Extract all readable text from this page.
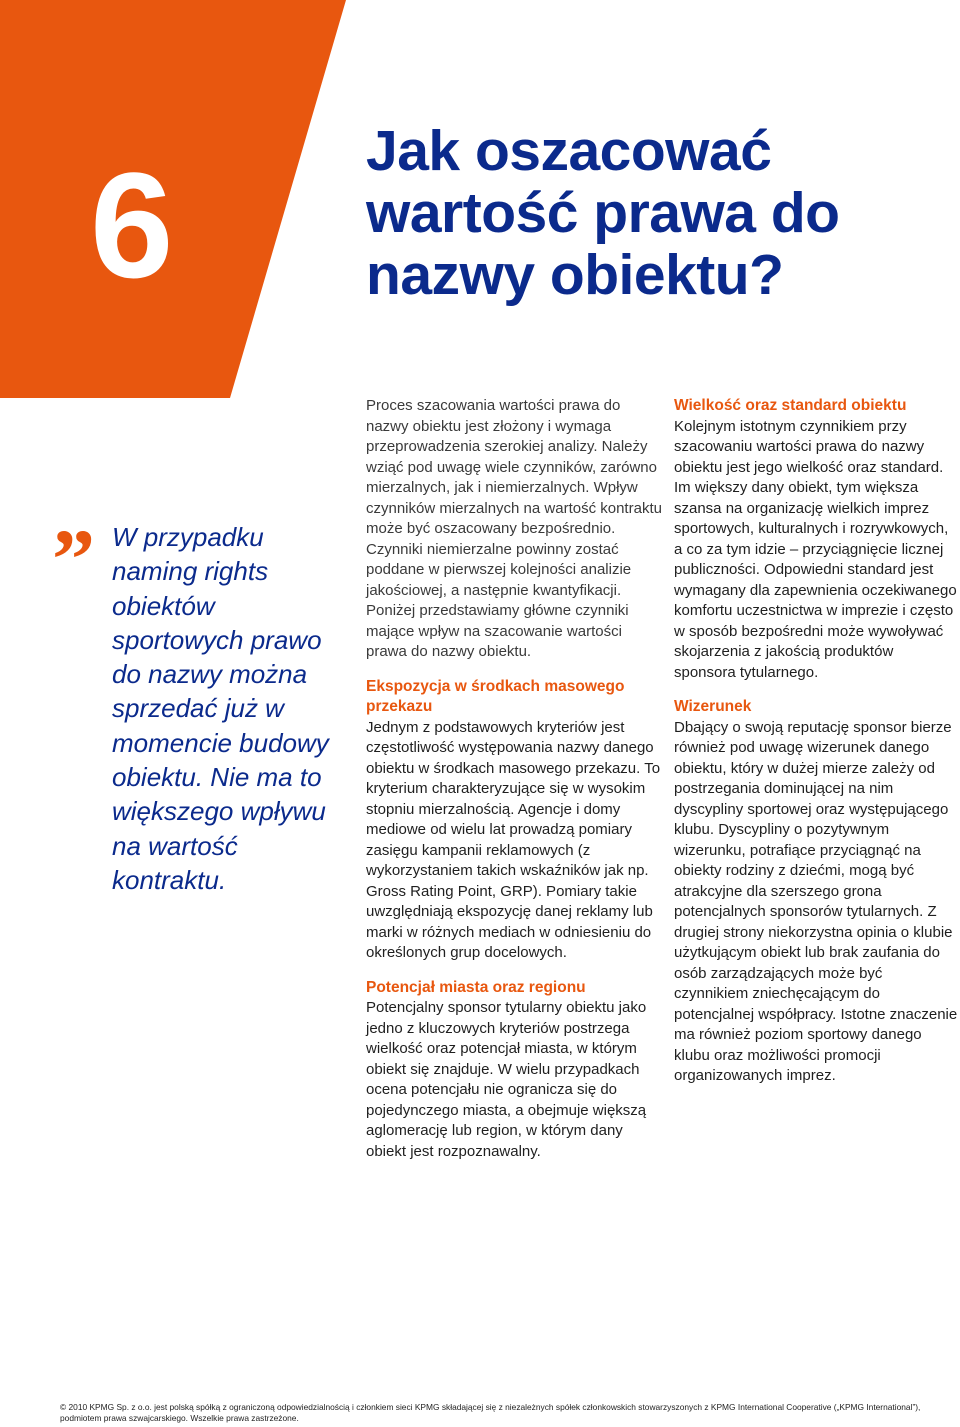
6	Jak oszacować wartość prawa do nazwy obiektu?
” W przypadku naming rights obiektów sportowych prawo do nazwy można sprzedać już w momencie budowy obiektu. Nie ma to większego wpływu na wartość kontraktu.

Proces szacowania wartości prawa do nazwy obiektu jest złożony i wymaga przeprowadzenia szerokiej analizy. Należy wziąć pod uwagę wiele czynników, zarówno mierzalnych, jak i niemierzalnych. Wpływ czynników mierzalnych na wartość kontraktu może być oszacowany bezpośrednio. Czynniki niemierzalne powinny zostać poddane w pierwszej kolejności analizie jakościowej, a następnie kwantyfikacji. Poniżej przedstawiamy główne czynniki mające wpływ na szacowanie wartości prawa do nazwy obiektu.

Ekspozycja w środkach masowego przekazu

Jednym z podstawowych kryteriów jest częstotliwość występowania nazwy danego obiektu w środkach masowego przekazu. To kryterium charakteryzujące się w wysokim stopniu mierzalnością. Agencje i domy mediowe od wielu lat prowadzą pomiary zasięgu kampanii reklamowych (z wykorzystaniem takich wskaźników jak np. Gross Rating Point, GRP). Pomiary takie uwzględniają ekspozycję danej reklamy lub marki w różnych mediach w odniesieniu do określonych grup docelowych.

Potencjał miasta oraz regionu

Potencjalny sponsor tytularny obiektu jako jedno z kluczowych kryteriów postrzega wielkość oraz potencjał miasta, w którym obiekt się znajduje. W wielu przypadkach ocena potencjału nie ogranicza się do pojedynczego miasta, a obejmuje większą aglomerację lub region, w którym dany obiekt jest rozpoznawalny.

Wielkość oraz standard obiektu

Kolejnym istotnym czynnikiem przy szacowaniu wartości prawa do nazwy obiektu jest jego wielkość oraz standard. Im większy dany obiekt, tym większa szansa na organizację wielkich imprez sportowych, kulturalnych i rozrywkowych, a co za tym idzie – przyciągnięcie licznej publiczności. Odpowiedni standard jest wymagany dla zapewnienia oczekiwanego komfortu uczestnictwa w imprezie i często w sposób bezpośredni może wywoływać skojarzenia z jakością produktów sponsora tytularnego.

Wizerunek

Dbający o swoją reputację sponsor bierze również pod uwagę wizerunek danego obiektu, który w dużej mierze zależy od postrzegania dominującej na nim dyscypliny sportowej oraz występującego klubu. Dyscypliny o pozytywnym wizerunku, potrafiące przyciągnąć na obiekty rodziny z dziećmi, mogą być atrakcyjne dla szerszego grona potencjalnych sponsorów tytularnych. Z drugiej strony niekorzystna opinia o klubie użytkującym obiekt lub brak zaufania do osób zarządzających może być czynnikiem zniechęcającym do potencjalnej współpracy. Istotne znaczenie ma również poziom sportowy danego klubu oraz możliwości promocji organizowanych imprez.

© 2010 KPMG Sp. z o.o. jest polską spółką z ograniczoną odpowiedzialnością i członkiem sieci KPMG składającej się z niezależnych spółek członkowskich stowarzyszonych z KPMG International Cooperative („KPMG International”), podmiotem prawa szwajcarskiego. Wszelkie prawa zastrzeżone.
